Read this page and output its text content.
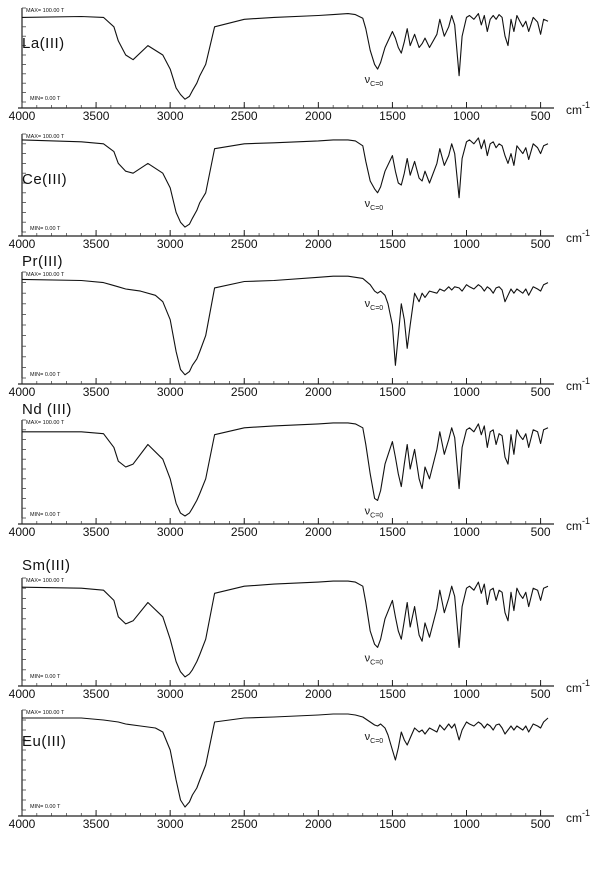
MAX= 100.00 T
MIN= 0.00 T
4000	3500	3000	2500	2000	1500	1000	500 $cm^{-1}$
La(III)
$\nu_{C=0}$
MAX= 100.00 T
MIN= 0.00 T
4000	3500	3000	2500	2000	1500	1000	500 $cm^{-1}$
Ce(III)
$\nu_{C=0}$
MAX= 100.00 T
MIN= 0.00 T
4000	3500	3000	2500	2000	1500	1000	500 $cm^{-1}$
Pr(III)
$\nu_{C=0}$
MAX= 100.00 T
MIN= 0.00 T
4000	3500	3000	2500	2000	1500	1000	500 $cm^{-1}$
Nd (III)
$\nu_{C=0}$
MAX= 100.00 T
MIN= 0.00 T
4000	3500	3000	2500	2000	1500	1000	500 $cm^{-1}$
Sm(III)
$\nu_{C=0}$
MAX= 100.00 T
MIN= 0.00 T
4000	3500	3000	2500	2000	1500	1000	500 $cm^{-1}$
Eu(III)	$\nu_{C=0}$
